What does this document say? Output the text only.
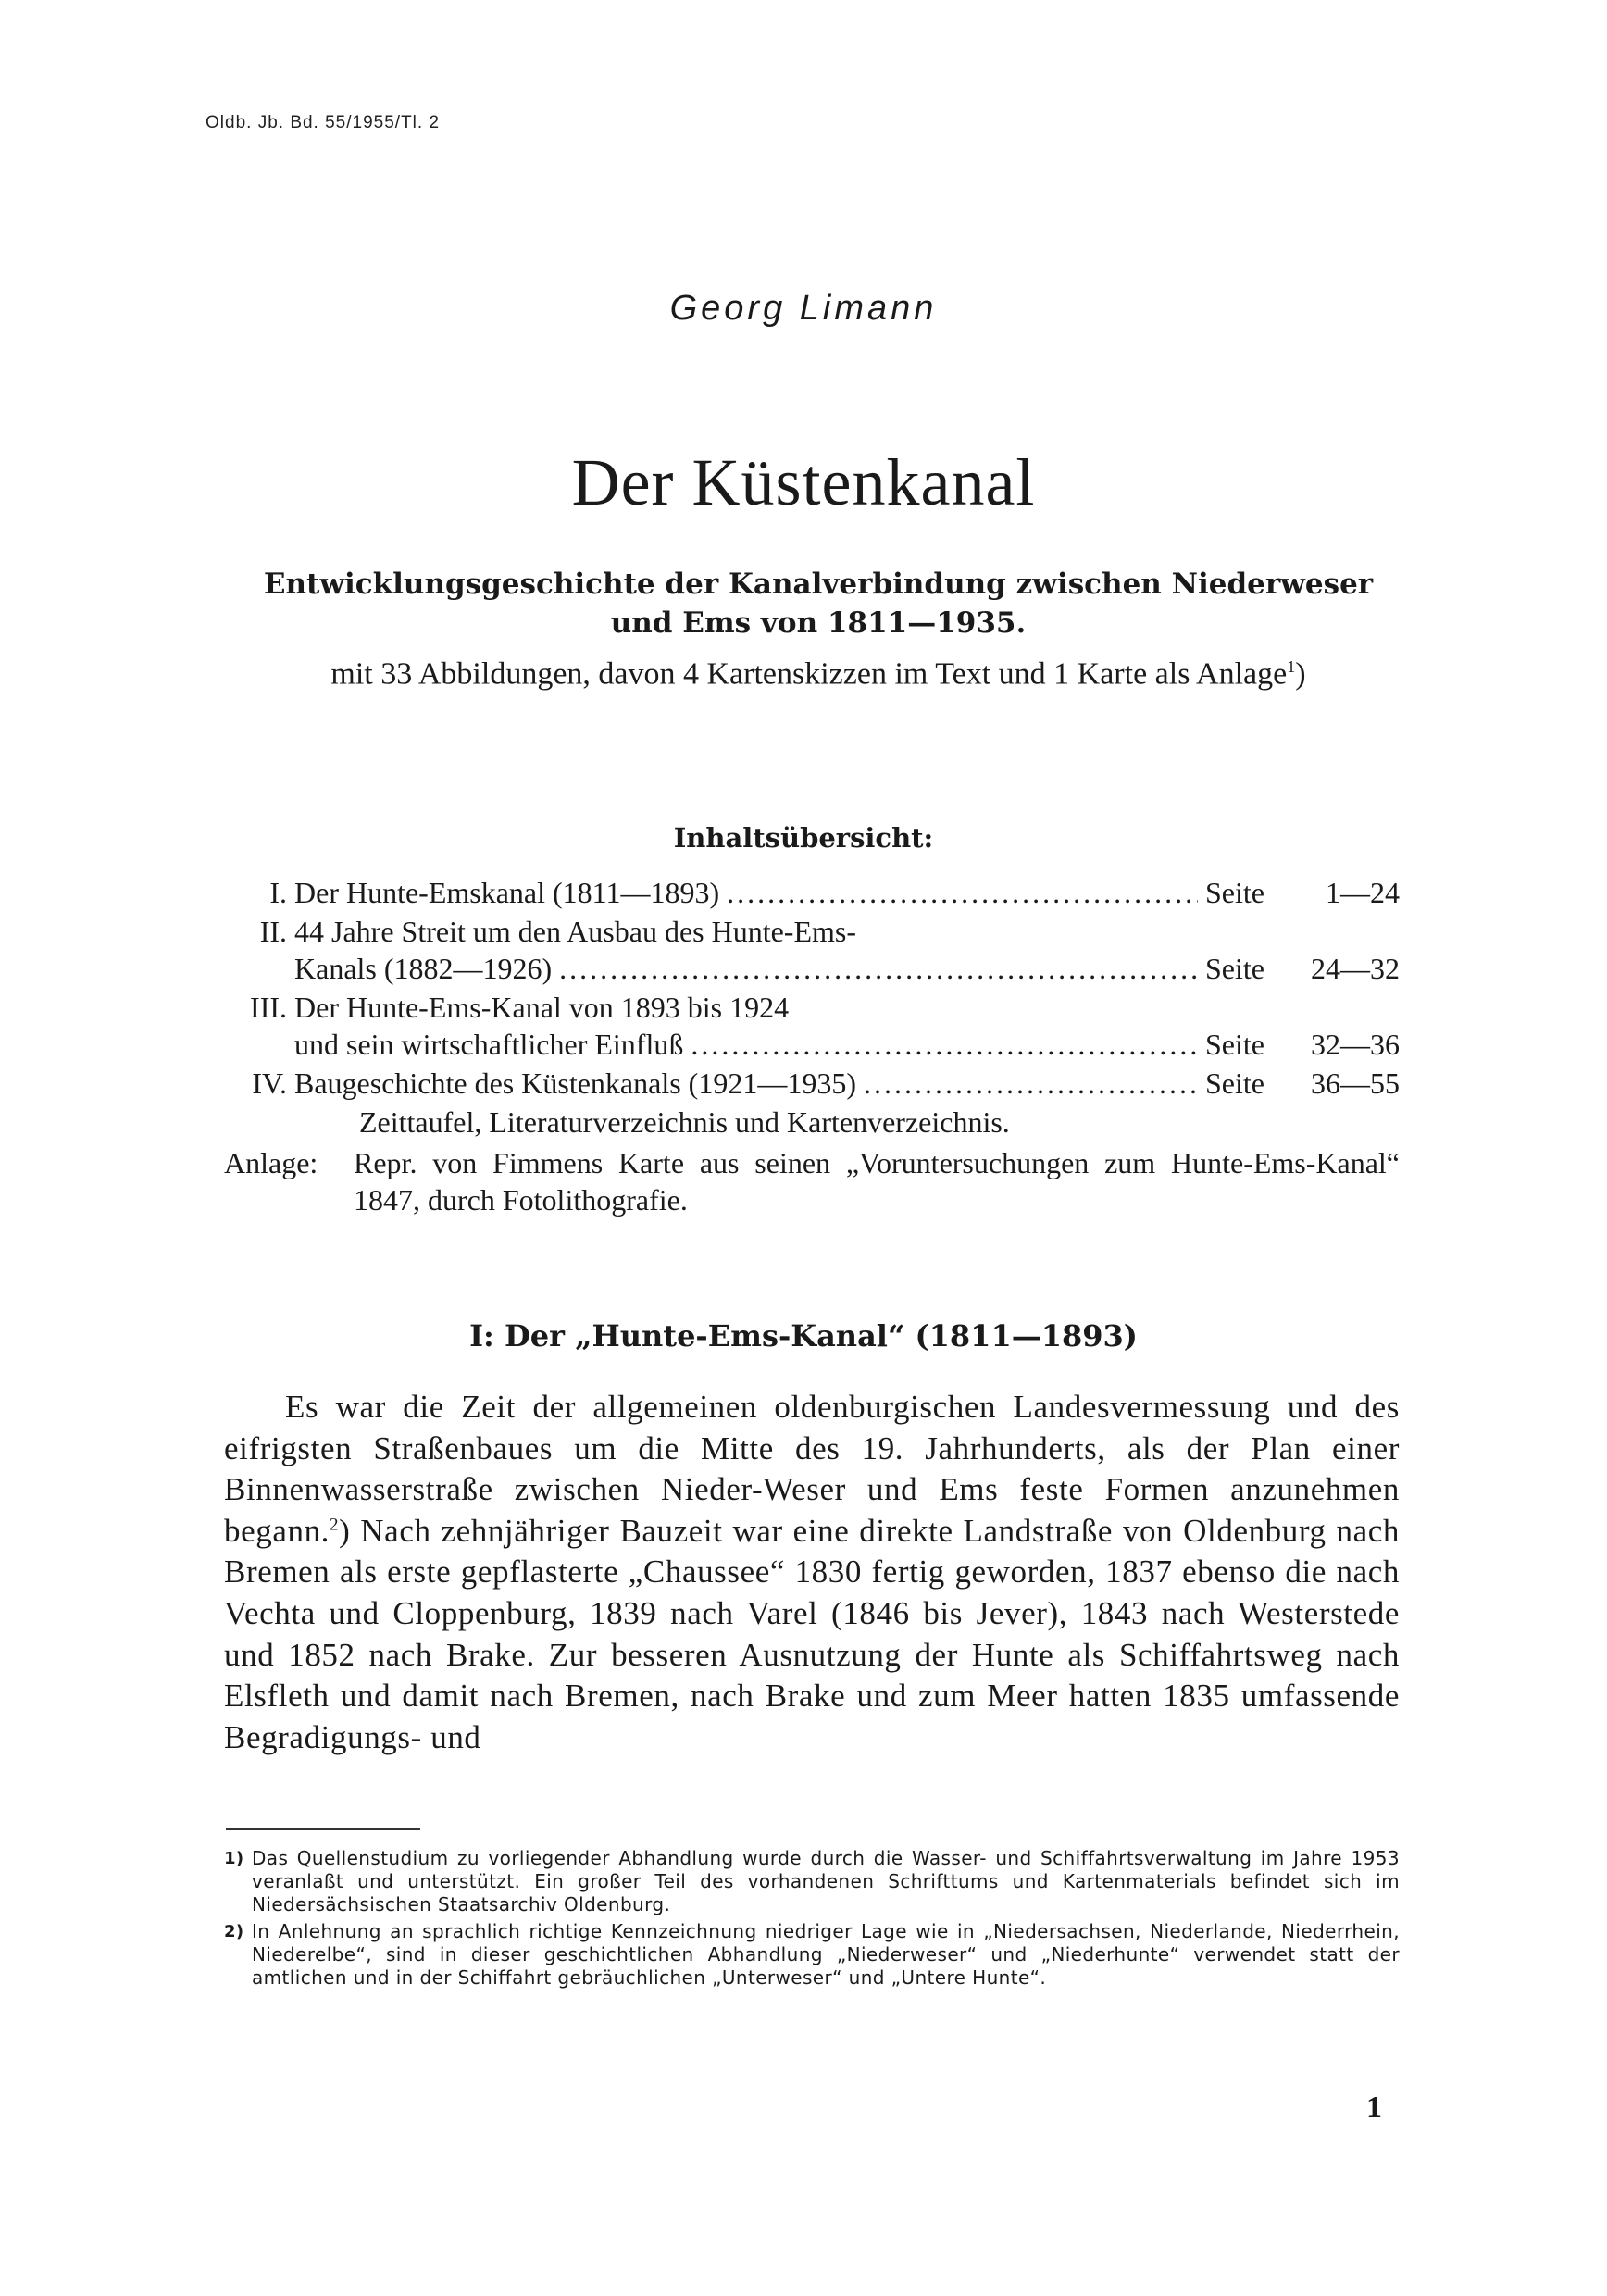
Oldb. Jb. Bd. 55/1955/Tl. 2
Georg Limann
Der Küstenkanal
Entwicklungsgeschichte der Kanalverbindung zwischen Niederweser und Ems von 1811—1935.
mit 33 Abbildungen, davon 4 Kartenskizzen im Text und 1 Karte als Anlage$^1$)
Inhaltsübersicht:
I. Der Hunte-Emskanal (1811—1893) .....	Seite 1—24
II. 44 Jahre Streit um den Ausbau des Hunte-Ems-
Kanals (1882—1926) .....	Seite 24—32
III. Der Hunte-Ems-Kanal von 1893 bis 1924
und sein wirtschaftlicher Einfluß .....	Seite 32—36
IV. Baugeschichte des Küstenkanals (1921—1935) .....	Seite 36—55
Zeittaufel, Literaturverzeichnis und Kartenverzeichnis.
Anlage:	Repr. von Fimmens Karte aus seinen „Voruntersuchungen zum Hunte-Ems-Kanal“ 1847, durch Fotolithografie.
I: Der „Hunte-Ems-Kanal“ (1811—1893)

Es war die Zeit der allgemeinen oldenburgischen Landesvermessung und des eifrigsten Straßenbaues um die Mitte des 19. Jahrhunderts, als der Plan einer Binnenwasserstraße zwischen Nieder-Weser und Ems feste Formen anzunehmen begann.$^2$) Nach zehnjähriger Bauzeit war eine direkte Landstraße von Oldenburg nach Bremen als erste gepflasterte „Chaussee“ 1830 fertig geworden, 1837 ebenso die nach Vechta und Cloppenburg, 1839 nach Varel (1846 bis Jever), 1843 nach Westerstede und 1852 nach Brake. Zur besseren Ausnutzung der Hunte als Schiffahrtsweg nach Elsfleth und damit nach Bremen, nach Brake und zum Meer hatten 1835 umfassende Begradigungs- und

1) Das Quellenstudium zu vorliegender Abhandlung wurde durch die Wasser- und Schiffahrtsverwaltung im Jahre 1953 veranlaßt und unterstützt. Ein großer Teil des vorhandenen Schrifttums und Kartenmaterials befindet sich im Niedersächsischen Staatsarchiv Oldenburg.
2) In Anlehnung an sprachlich richtige Kennzeichnung niedriger Lage wie in „Niedersachsen, Niederlande, Niederrhein, Niederelbe“, sind in dieser geschichtlichen Abhandlung „Niederweser“ und „Niederhunte“ verwendet statt der amtlichen und in der Schiffahrt gebräuchlichen „Unterweser“ und „Untere Hunte“.
1
